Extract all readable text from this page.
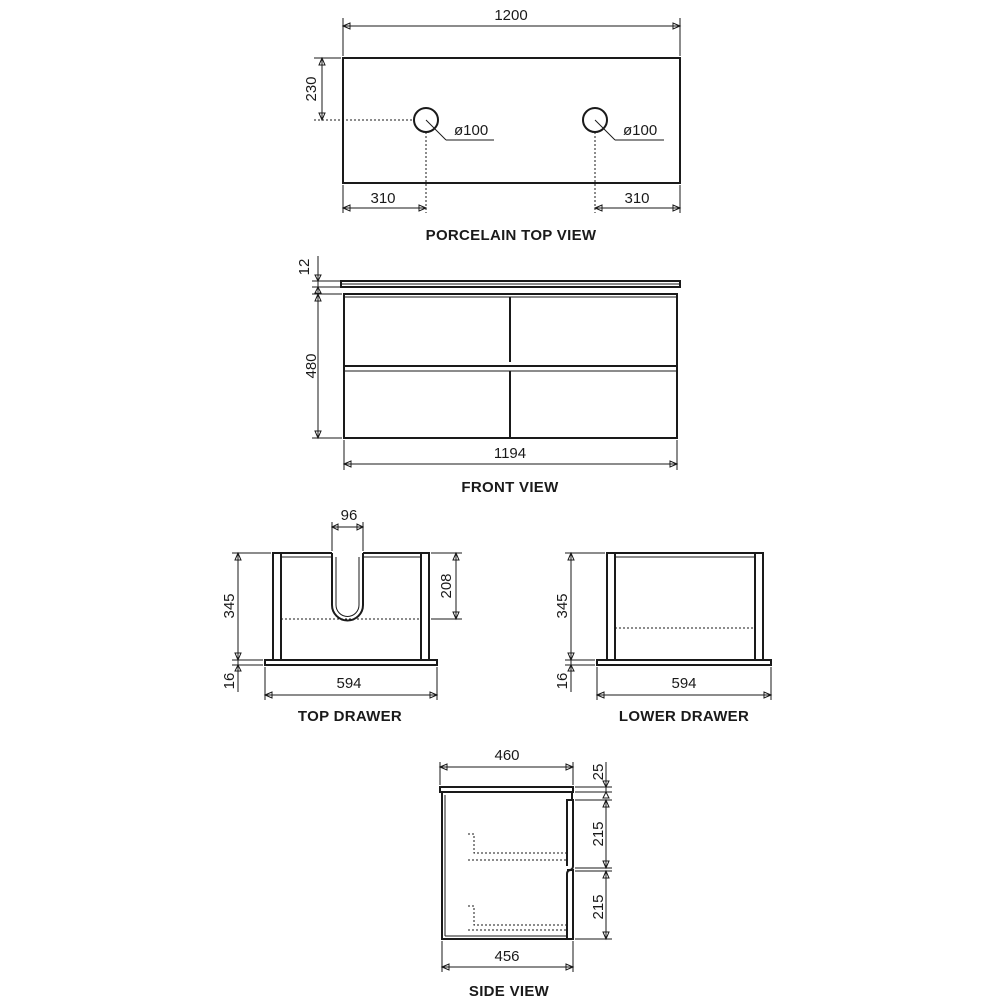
1200
230
ø100	ø100
310	310
PORCELAIN TOP VIEW
12
480
1194
FRONT VIEW
96
208
345
16	594
TOP DRAWER
345
16	594
LOWER DRAWER
460
25
215
215
456
SIDE VIEW
